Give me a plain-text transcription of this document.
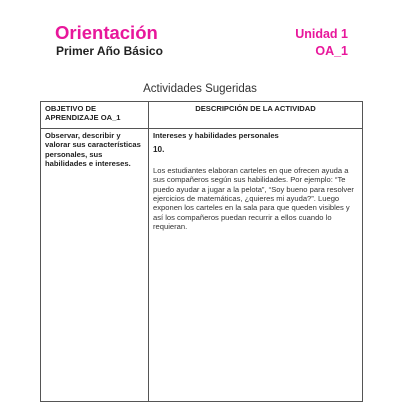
Orientación
Primer Año Básico
Unidad 1
OA_1
Actividades Sugeridas
OBJETIVO DE APRENDIZAJE OA_1	DESCRIPCIÓN DE LA ACTIVIDAD
Observar, describir y valorar sus características personales, sus habilidades e intereses.	Intereses y habilidades personales
10.
Los estudiantes elaboran carteles en que ofrecen ayuda a sus compañeros según sus habilidades. Por ejemplo: “Te puedo ayudar a jugar a la pelota”, “Soy bueno para resolver ejercicios de matemáticas, ¿quieres mi ayuda?”. Luego exponen los carteles en la sala para que queden visibles y así los compañeros puedan recurrir a ellos cuando lo requieran.
